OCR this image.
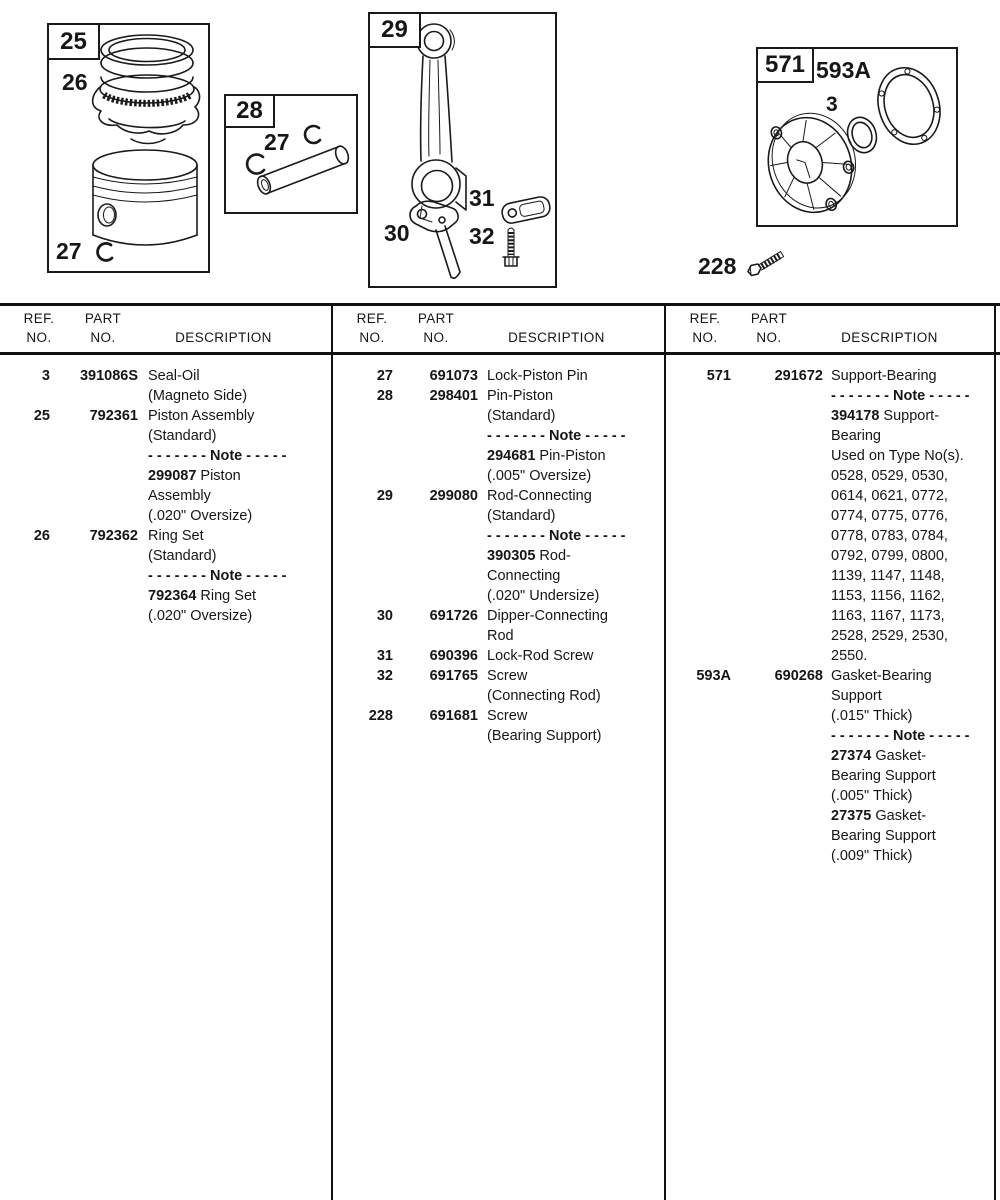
25
26
27
28
27
29
30
31
32
571 593A
3
228
REF.	PART
NO.	NO.	DESCRIPTION
REF.	PART
NO.	NO.	DESCRIPTION
REF.	PART
NO.	NO.	DESCRIPTION
3	391086S Seal-Oil
(Magneto Side)
25	792361 Piston Assembly
(Standard)
- - - - - - - Note - - - - -
299087 Piston
Assembly
(.020" Oversize)
26	792362 Ring Set
(Standard)
- - - - - - - Note - - - - -
792364 Ring Set
(.020" Oversize)
27	691073 Lock-Piston Pin
28	298401 Pin-Piston
(Standard)
- - - - - - - Note - - - - -
294681 Pin-Piston
(.005" Oversize)
29	299080 Rod-Connecting
(Standard)
- - - - - - - Note - - - - -
390305 Rod-
Connecting
(.020" Undersize)
30	691726 Dipper-Connecting
Rod
31	690396 Lock-Rod Screw
32	691765 Screw
(Connecting Rod)
228	691681 Screw
(Bearing Support)
571	291672 Support-Bearing
- - - - - - - Note - - - - -
394178 Support-
Bearing
Used on Type No(s).
0528, 0529, 0530,
0614, 0621, 0772,
0774, 0775, 0776,
0778, 0783, 0784,
0792, 0799, 0800,
1139, 1147, 1148,
1153, 1156, 1162,
1163, 1167, 1173,
2528, 2529, 2530,
2550.
593A	690268 Gasket-Bearing
Support
(.015" Thick)
- - - - - - - Note - - - - -
27374 Gasket-
Bearing Support
(.005" Thick)
27375 Gasket-
Bearing Support
(.009" Thick)
